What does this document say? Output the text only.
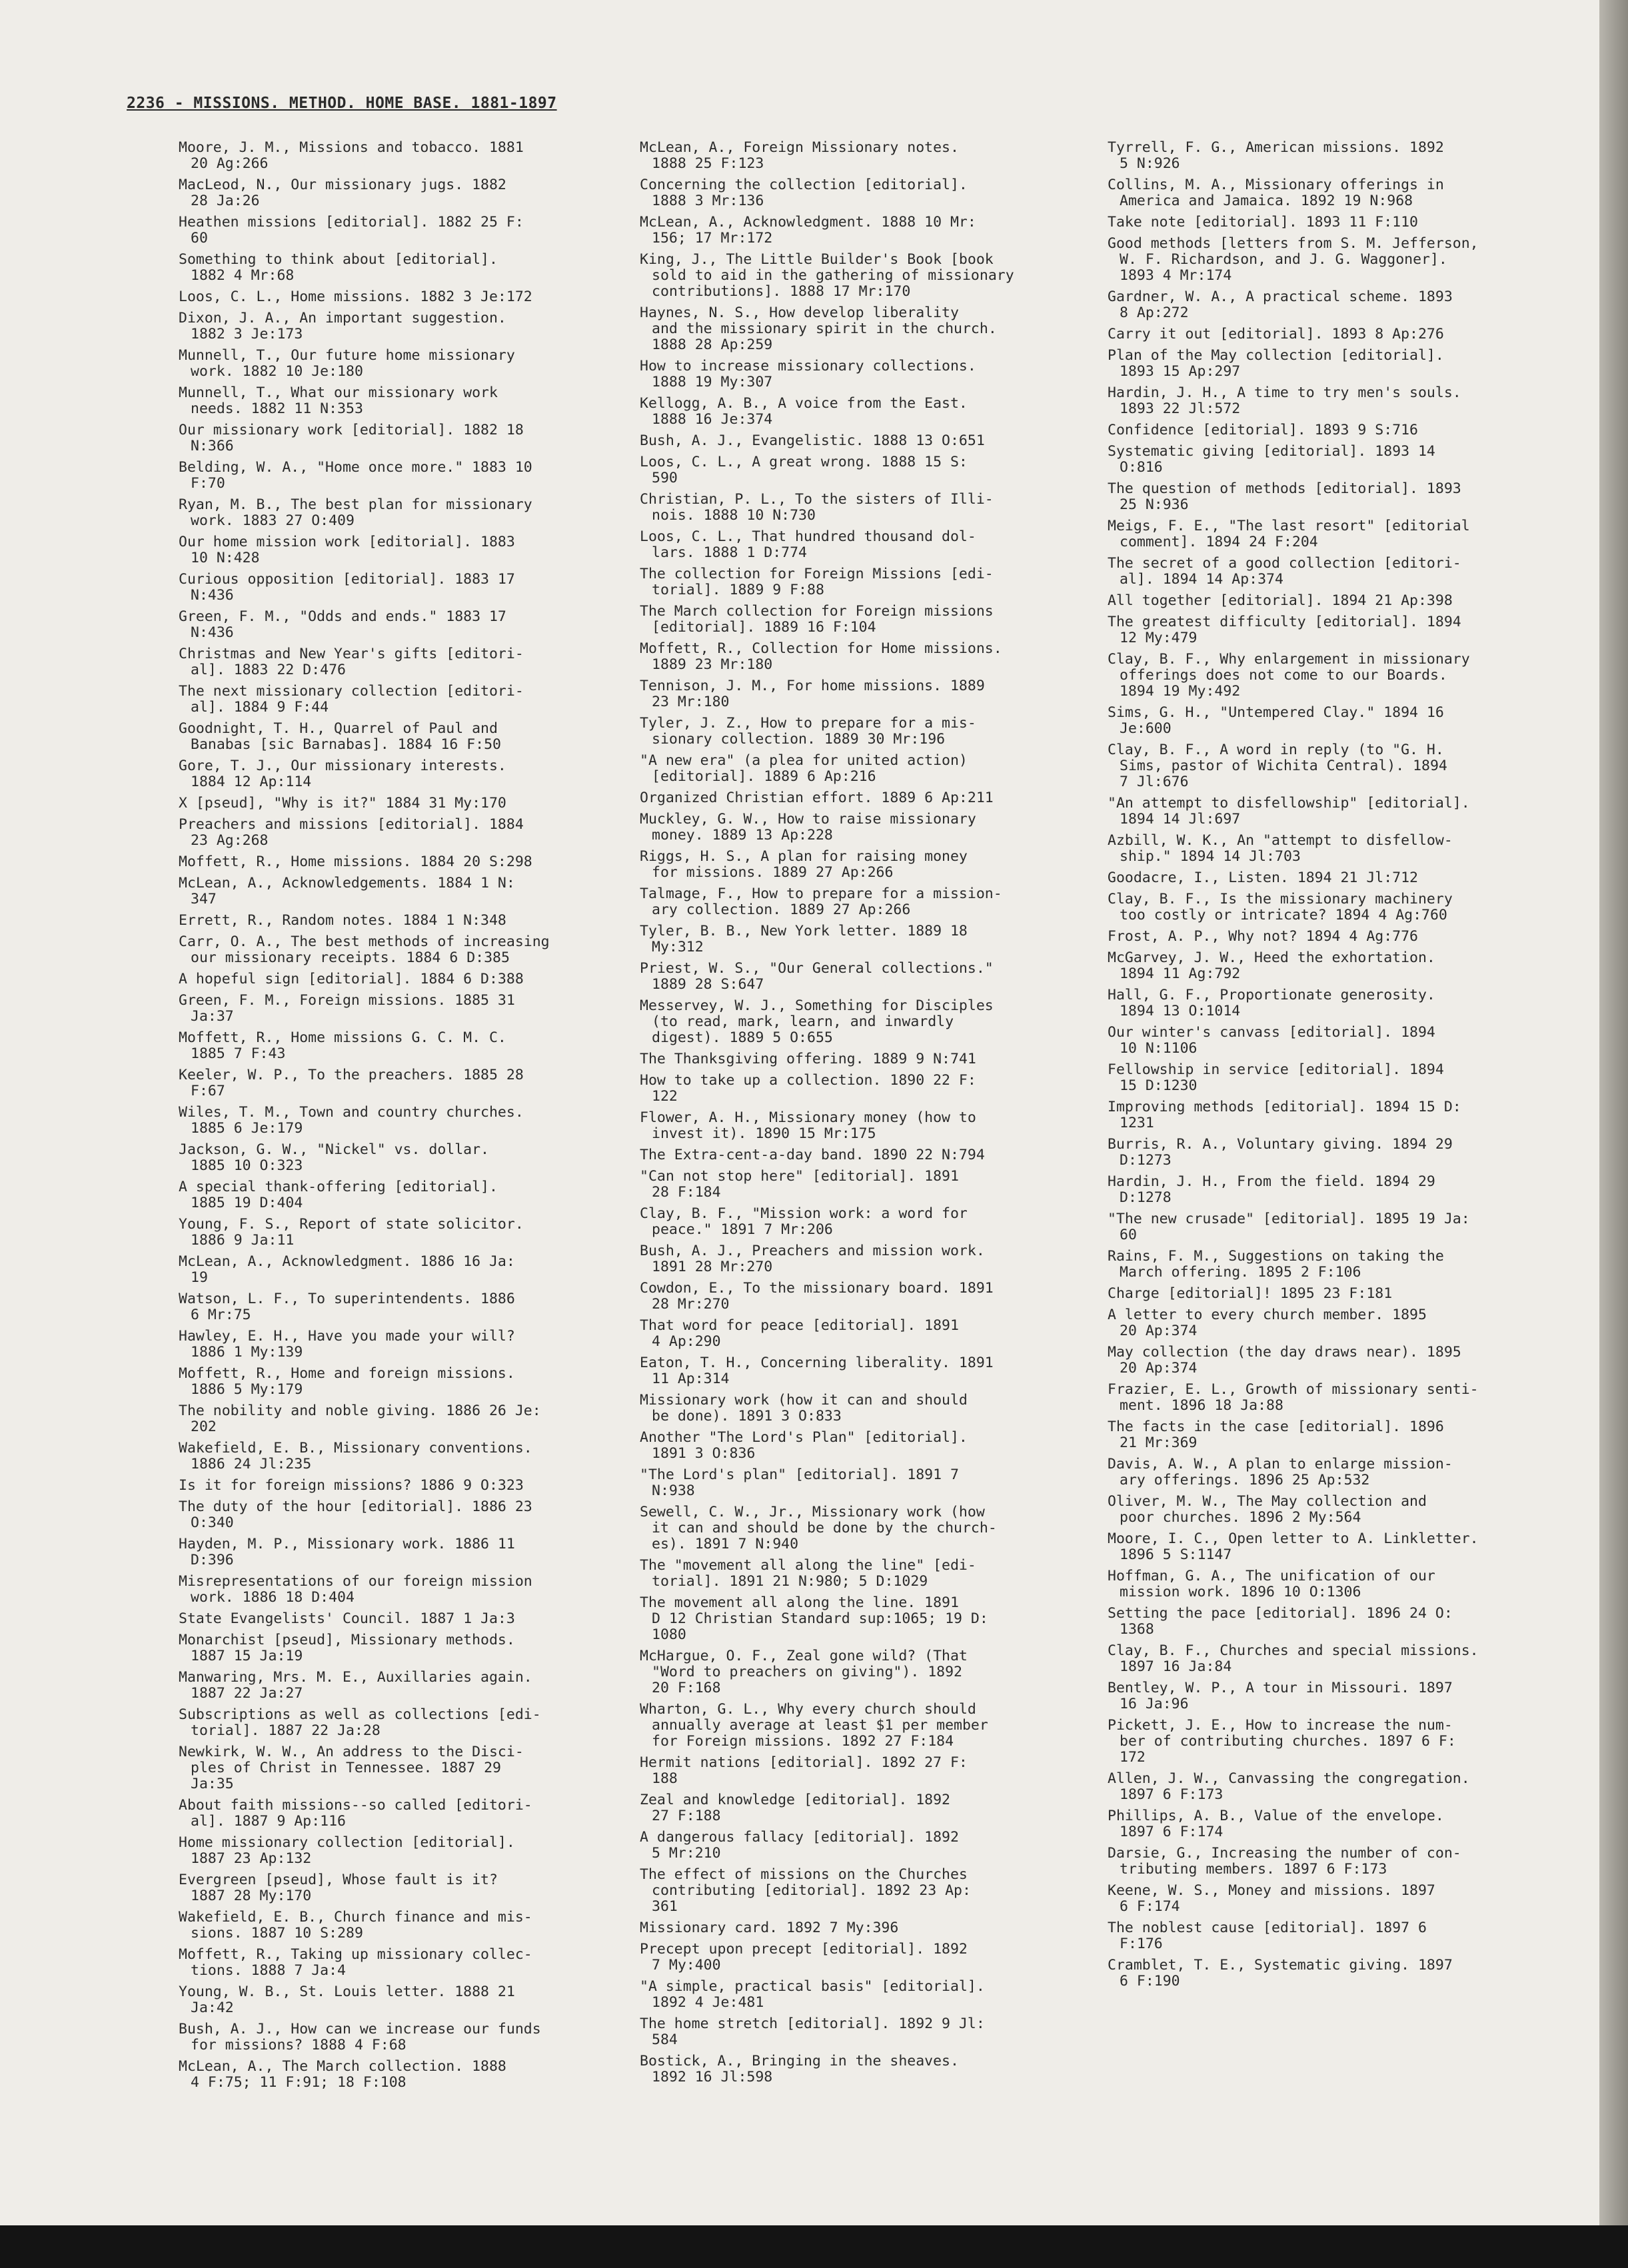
2236 - MISSIONS. METHOD. HOME BASE. 1881-1897
Moore, J. M., Missions and tobacco. 1881
20 Ag:266
MacLeod, N., Our missionary jugs. 1882
28 Ja:26
Heathen missions [editorial]. 1882 25 F:
60
Something to think about [editorial].
1882 4 Mr:68
Loos, C. L., Home missions. 1882 3 Je:172
Dixon, J. A., An important suggestion.
1882 3 Je:173
Munnell, T., Our future home missionary
work. 1882 10 Je:180
Munnell, T., What our missionary work
needs. 1882 11 N:353
Our missionary work [editorial]. 1882 18
N:366
Belding, W. A., "Home once more." 1883 10
F:70
Ryan, M. B., The best plan for missionary
work. 1883 27 O:409
Our home mission work [editorial]. 1883
10 N:428
Curious opposition [editorial]. 1883 17
N:436
Green, F. M., "Odds and ends." 1883 17
N:436
Christmas and New Year's gifts [editori-
al]. 1883 22 D:476
The next missionary collection [editori-
al]. 1884 9 F:44
Goodnight, T. H., Quarrel of Paul and
Banabas [sic Barnabas]. 1884 16 F:50
Gore, T. J., Our missionary interests.
1884 12 Ap:114
X [pseud], "Why is it?" 1884 31 My:170
Preachers and missions [editorial]. 1884
23 Ag:268
Moffett, R., Home missions. 1884 20 S:298
McLean, A., Acknowledgements. 1884 1 N:
347
Errett, R., Random notes. 1884 1 N:348
Carr, O. A., The best methods of increasing
our missionary receipts. 1884 6 D:385
A hopeful sign [editorial]. 1884 6 D:388
Green, F. M., Foreign missions. 1885 31
Ja:37
Moffett, R., Home missions G. C. M. C.
1885 7 F:43
Keeler, W. P., To the preachers. 1885 28
F:67
Wiles, T. M., Town and country churches.
1885 6 Je:179
Jackson, G. W., "Nickel" vs. dollar.
1885 10 O:323
A special thank-offering [editorial].
1885 19 D:404
Young, F. S., Report of state solicitor.
1886 9 Ja:11
McLean, A., Acknowledgment. 1886 16 Ja:
19
Watson, L. F., To superintendents. 1886
6 Mr:75
Hawley, E. H., Have you made your will?
1886 1 My:139
Moffett, R., Home and foreign missions.
1886 5 My:179
The nobility and noble giving. 1886 26 Je:
202
Wakefield, E. B., Missionary conventions.
1886 24 Jl:235
Is it for foreign missions? 1886 9 O:323
The duty of the hour [editorial]. 1886 23
O:340
Hayden, M. P., Missionary work. 1886 11
D:396
Misrepresentations of our foreign mission
work. 1886 18 D:404
State Evangelists' Council. 1887 1 Ja:3
Monarchist [pseud], Missionary methods.
1887 15 Ja:19
Manwaring, Mrs. M. E., Auxillaries again.
1887 22 Ja:27
Subscriptions as well as collections [edi-
torial]. 1887 22 Ja:28
Newkirk, W. W., An address to the Disci-
ples of Christ in Tennessee. 1887 29
Ja:35
About faith missions--so called [editori-
al]. 1887 9 Ap:116
Home missionary collection [editorial].
1887 23 Ap:132
Evergreen [pseud], Whose fault is it?
1887 28 My:170
Wakefield, E. B., Church finance and mis-
sions. 1887 10 S:289
Moffett, R., Taking up missionary collec-
tions. 1888 7 Ja:4
Young, W. B., St. Louis letter. 1888 21
Ja:42
Bush, A. J., How can we increase our funds
for missions? 1888 4 F:68
McLean, A., The March collection. 1888
4 F:75; 11 F:91; 18 F:108
McLean, A., Foreign Missionary notes.
1888 25 F:123
Concerning the collection [editorial].
1888 3 Mr:136
McLean, A., Acknowledgment. 1888 10 Mr:
156; 17 Mr:172
King, J., The Little Builder's Book [book
sold to aid in the gathering of missionary
contributions]. 1888 17 Mr:170
Haynes, N. S., How develop liberality
and the missionary spirit in the church.
1888 28 Ap:259
How to increase missionary collections.
1888 19 My:307
Kellogg, A. B., A voice from the East.
1888 16 Je:374
Bush, A. J., Evangelistic. 1888 13 O:651
Loos, C. L., A great wrong. 1888 15 S:
590
Christian, P. L., To the sisters of Illi-
nois. 1888 10 N:730
Loos, C. L., That hundred thousand dol-
lars. 1888 1 D:774
The collection for Foreign Missions [edi-
torial]. 1889 9 F:88
The March collection for Foreign missions
[editorial]. 1889 16 F:104
Moffett, R., Collection for Home missions.
1889 23 Mr:180
Tennison, J. M., For home missions. 1889
23 Mr:180
Tyler, J. Z., How to prepare for a mis-
sionary collection. 1889 30 Mr:196
"A new era" (a plea for united action)
[editorial]. 1889 6 Ap:216
Organized Christian effort. 1889 6 Ap:211
Muckley, G. W., How to raise missionary
money. 1889 13 Ap:228
Riggs, H. S., A plan for raising money
for missions. 1889 27 Ap:266
Talmage, F., How to prepare for a mission-
ary collection. 1889 27 Ap:266
Tyler, B. B., New York letter. 1889 18
My:312
Priest, W. S., "Our General collections."
1889 28 S:647
Messervey, W. J., Something for Disciples
(to read, mark, learn, and inwardly
digest). 1889 5 O:655
The Thanksgiving offering. 1889 9 N:741
How to take up a collection. 1890 22 F:
122
Flower, A. H., Missionary money (how to
invest it). 1890 15 Mr:175
The Extra-cent-a-day band. 1890 22 N:794
"Can not stop here" [editorial]. 1891
28 F:184
Clay, B. F., "Mission work: a word for
peace." 1891 7 Mr:206
Bush, A. J., Preachers and mission work.
1891 28 Mr:270
Cowdon, E., To the missionary board. 1891
28 Mr:270
That word for peace [editorial]. 1891
4 Ap:290
Eaton, T. H., Concerning liberality. 1891
11 Ap:314
Missionary work (how it can and should
be done). 1891 3 O:833
Another "The Lord's Plan" [editorial].
1891 3 O:836
"The Lord's plan" [editorial]. 1891 7
N:938
Sewell, C. W., Jr., Missionary work (how
it can and should be done by the church-
es). 1891 7 N:940
The "movement all along the line" [edi-
torial]. 1891 21 N:980; 5 D:1029
The movement all along the line. 1891
D 12 Christian Standard sup:1065; 19 D:
1080
McHargue, O. F., Zeal gone wild? (That
"Word to preachers on giving"). 1892
20 F:168
Wharton, G. L., Why every church should
annually average at least $1 per member
for Foreign missions. 1892 27 F:184
Hermit nations [editorial]. 1892 27 F:
188
Zeal and knowledge [editorial]. 1892
27 F:188
A dangerous fallacy [editorial]. 1892
5 Mr:210
The effect of missions on the Churches
contributing [editorial]. 1892 23 Ap:
361
Missionary card. 1892 7 My:396
Precept upon precept [editorial]. 1892
7 My:400
"A simple, practical basis" [editorial].
1892 4 Je:481
The home stretch [editorial]. 1892 9 Jl:
584
Bostick, A., Bringing in the sheaves.
1892 16 Jl:598
Tyrrell, F. G., American missions. 1892
5 N:926
Collins, M. A., Missionary offerings in
America and Jamaica. 1892 19 N:968
Take note [editorial]. 1893 11 F:110
Good methods [letters from S. M. Jefferson,
W. F. Richardson, and J. G. Waggoner].
1893 4 Mr:174
Gardner, W. A., A practical scheme. 1893
8 Ap:272
Carry it out [editorial]. 1893 8 Ap:276
Plan of the May collection [editorial].
1893 15 Ap:297
Hardin, J. H., A time to try men's souls.
1893 22 Jl:572
Confidence [editorial]. 1893 9 S:716
Systematic giving [editorial]. 1893 14
O:816
The question of methods [editorial]. 1893
25 N:936
Meigs, F. E., "The last resort" [editorial
comment]. 1894 24 F:204
The secret of a good collection [editori-
al]. 1894 14 Ap:374
All together [editorial]. 1894 21 Ap:398
The greatest difficulty [editorial]. 1894
12 My:479
Clay, B. F., Why enlargement in missionary
offerings does not come to our Boards.
1894 19 My:492
Sims, G. H., "Untempered Clay." 1894 16
Je:600
Clay, B. F., A word in reply (to "G. H.
Sims, pastor of Wichita Central). 1894
7 Jl:676
"An attempt to disfellowship" [editorial].
1894 14 Jl:697
Azbill, W. K., An "attempt to disfellow-
ship." 1894 14 Jl:703
Goodacre, I., Listen. 1894 21 Jl:712
Clay, B. F., Is the missionary machinery
too costly or intricate? 1894 4 Ag:760
Frost, A. P., Why not? 1894 4 Ag:776
McGarvey, J. W., Heed the exhortation.
1894 11 Ag:792
Hall, G. F., Proportionate generosity.
1894 13 O:1014
Our winter's canvass [editorial]. 1894
10 N:1106
Fellowship in service [editorial]. 1894
15 D:1230
Improving methods [editorial]. 1894 15 D:
1231
Burris, R. A., Voluntary giving. 1894 29
D:1273
Hardin, J. H., From the field. 1894 29
D:1278
"The new crusade" [editorial]. 1895 19 Ja:
60
Rains, F. M., Suggestions on taking the
March offering. 1895 2 F:106
Charge [editorial]! 1895 23 F:181
A letter to every church member. 1895
20 Ap:374
May collection (the day draws near). 1895
20 Ap:374
Frazier, E. L., Growth of missionary senti-
ment. 1896 18 Ja:88
The facts in the case [editorial]. 1896
21 Mr:369
Davis, A. W., A plan to enlarge mission-
ary offerings. 1896 25 Ap:532
Oliver, M. W., The May collection and
poor churches. 1896 2 My:564
Moore, I. C., Open letter to A. Linkletter.
1896 5 S:1147
Hoffman, G. A., The unification of our
mission work. 1896 10 O:1306
Setting the pace [editorial]. 1896 24 O:
1368
Clay, B. F., Churches and special missions.
1897 16 Ja:84
Bentley, W. P., A tour in Missouri. 1897
16 Ja:96
Pickett, J. E., How to increase the num-
ber of contributing churches. 1897 6 F:
172
Allen, J. W., Canvassing the congregation.
1897 6 F:173
Phillips, A. B., Value of the envelope.
1897 6 F:174
Darsie, G., Increasing the number of con-
tributing members. 1897 6 F:173
Keene, W. S., Money and missions. 1897
6 F:174
The noblest cause [editorial]. 1897 6
F:176
Cramblet, T. E., Systematic giving. 1897
6 F:190
